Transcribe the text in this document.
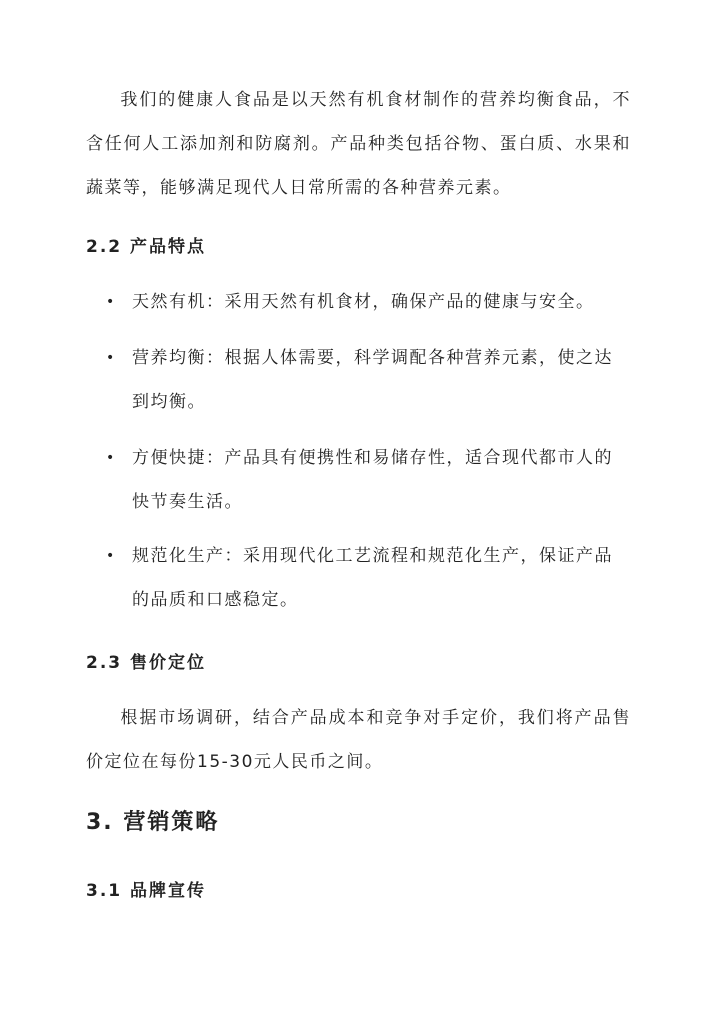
我们的健康人食品是以天然有机食材制作的营养均衡食品，不含任何人工添加剂和防腐剂。产品种类包括谷物、蛋白质、水果和蔬菜等，能够满足现代人日常所需的各种营养元素。

2.2 产品特点
•	天然有机：采用天然有机食材，确保产品的健康与安全。
•	营养均衡：根据人体需要，科学调配各种营养元素，使之达到均衡。
•	方便快捷：产品具有便携性和易储存性，适合现代都市人的快节奏生活。
•	规范化生产：采用现代化工艺流程和规范化生产，保证产品的品质和口感稳定。
2.3 售价定位

根据市场调研，结合产品成本和竞争对手定价，我们将产品售价定位在每份15-30元人民币之间。

3. 营销策略
3.1 品牌宣传
